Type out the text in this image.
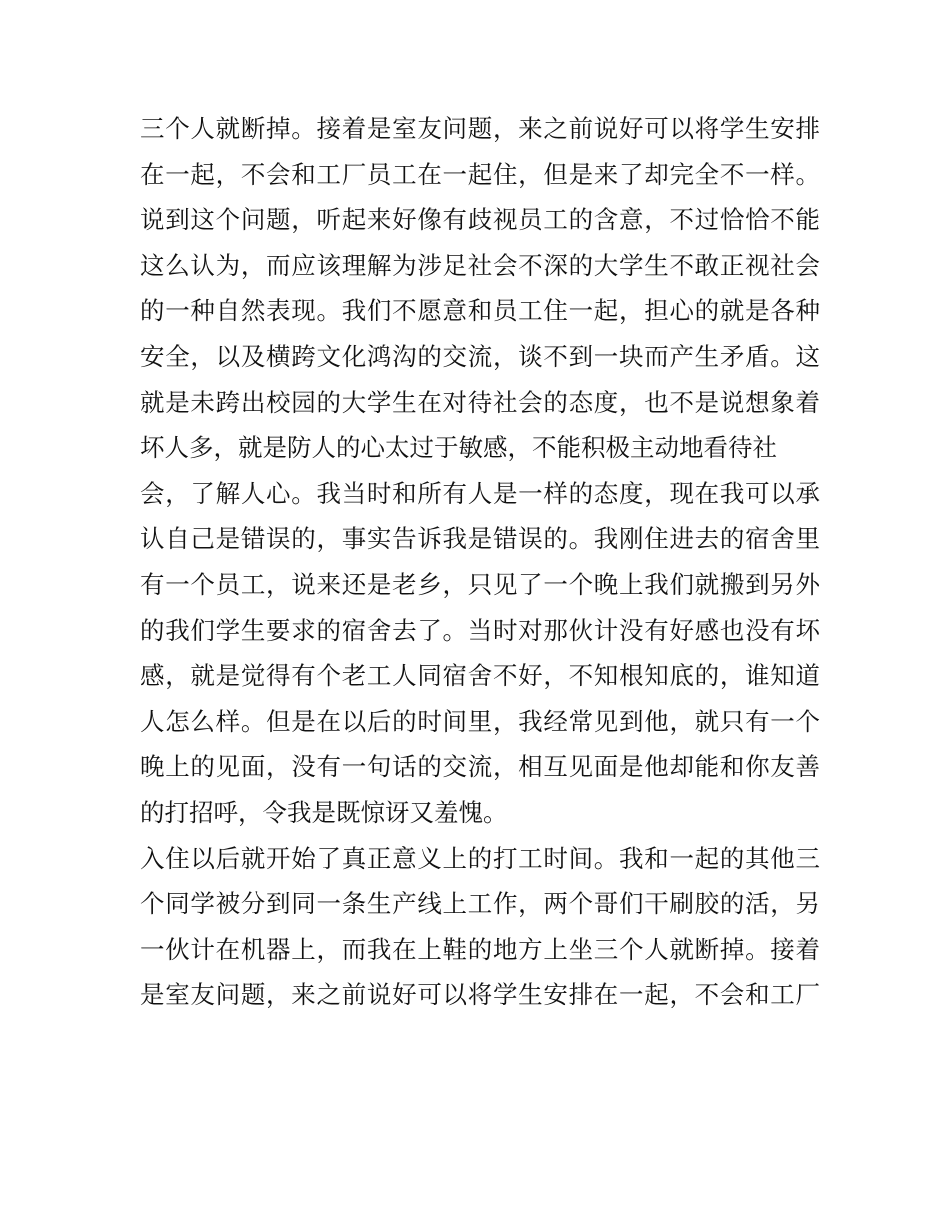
三个人就断掉。接着是室友问题，来之前说好可以将学生安排
在一起，不会和工厂员工在一起住，但是来了却完全不一样。
说到这个问题，听起来好像有歧视员工的含意，不过恰恰不能
这么认为，而应该理解为涉足社会不深的大学生不敢正视社会
的一种自然表现。我们不愿意和员工住一起，担心的就是各种
安全，以及横跨文化鸿沟的交流，谈不到一块而产生矛盾。这
就是未跨出校园的大学生在对待社会的态度，也不是说想象着
坏人多，就是防人的心太过于敏感，不能积极主动地看待社
会，了解人心。我当时和所有人是一样的态度，现在我可以承
认自己是错误的，事实告诉我是错误的。我刚住进去的宿舍里
有一个员工，说来还是老乡，只见了一个晚上我们就搬到另外
的我们学生要求的宿舍去了。当时对那伙计没有好感也没有坏
感，就是觉得有个老工人同宿舍不好，不知根知底的，谁知道
人怎么样。但是在以后的时间里，我经常见到他，就只有一个
晚上的见面，没有一句话的交流，相互见面是他却能和你友善
的打招呼，令我是既惊讶又羞愧。
入住以后就开始了真正意义上的打工时间。我和一起的其他三
个同学被分到同一条生产线上工作，两个哥们干刷胶的活，另
一伙计在机器上，而我在上鞋的地方上坐三个人就断掉。接着
是室友问题，来之前说好可以将学生安排在一起，不会和工厂
